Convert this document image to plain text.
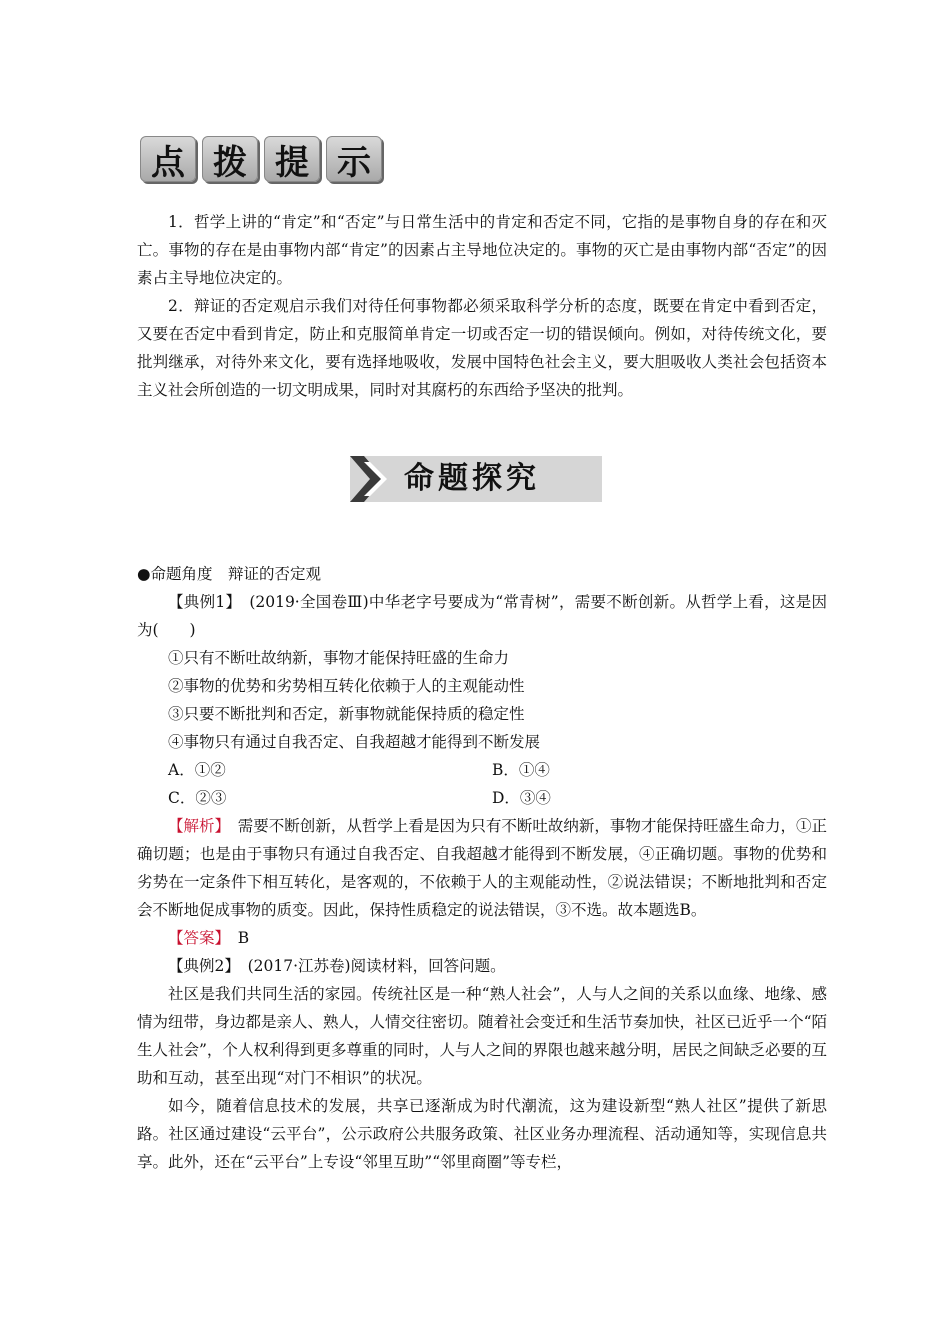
点 拨 提 示

1．哲学上讲的“肯定”和“否定”与日常生活中的肯定和否定不同，它指的是事物自身的存在和灭亡。事物的存在是由事物内部“肯定”的因素占主导地位决定的。事物的灭亡是由事物内部“否定”的因素占主导地位决定的。

2．辩证的否定观启示我们对待任何事物都必须采取科学分析的态度，既要在肯定中看到否定，又要在否定中看到肯定，防止和克服简单肯定一切或否定一切的错误倾向。例如，对待传统文化，要批判继承，对待外来文化，要有选择地吸收，发展中国特色社会主义，要大胆吸收人类社会包括资本主义社会所创造的一切文明成果，同时对其腐朽的东西给予坚决的批判。

命题探究

●命题角度　辩证的否定观

【典例1】　(2019·全国卷Ⅲ)中华老字号要成为“常青树”，需要不断创新。从哲学上看，这是因为(　　)

①只有不断吐故纳新，事物才能保持旺盛的生命力

②事物的优势和劣势相互转化依赖于人的主观能动性

③只要不断批判和否定，新事物就能保持质的稳定性

④事物只有通过自我否定、自我超越才能得到不断发展

A．①②	B．①④

C．②③	D．③④

【解析】　需要不断创新，从哲学上看是因为只有不断吐故纳新，事物才能保持旺盛生命力，①正确切题；也是由于事物只有通过自我否定、自我超越才能得到不断发展，④正确切题。事物的优势和劣势在一定条件下相互转化，是客观的，不依赖于人的主观能动性，②说法错误；不断地批判和否定会不断地促成事物的质变。因此，保持性质稳定的说法错误，③不选。故本题选B。

【答案】　B

【典例2】　(2017·江苏卷)阅读材料，回答问题。

社区是我们共同生活的家园。传统社区是一种“熟人社会”，人与人之间的关系以血缘、地缘、感情为纽带，身边都是亲人、熟人，人情交往密切。随着社会变迁和生活节奏加快，社区已近乎一个“陌生人社会”，个人权利得到更多尊重的同时，人与人之间的界限也越来越分明，居民之间缺乏必要的互助和互动，甚至出现“对门不相识”的状况。

如今，随着信息技术的发展，共享已逐渐成为时代潮流，这为建设新型“熟人社区”提供了新思路。社区通过建设“云平台”，公示政府公共服务政策、社区业务办理流程、活动通知等，实现信息共享。此外，还在“云平台”上专设“邻里互助”“邻里商圈”等专栏，
